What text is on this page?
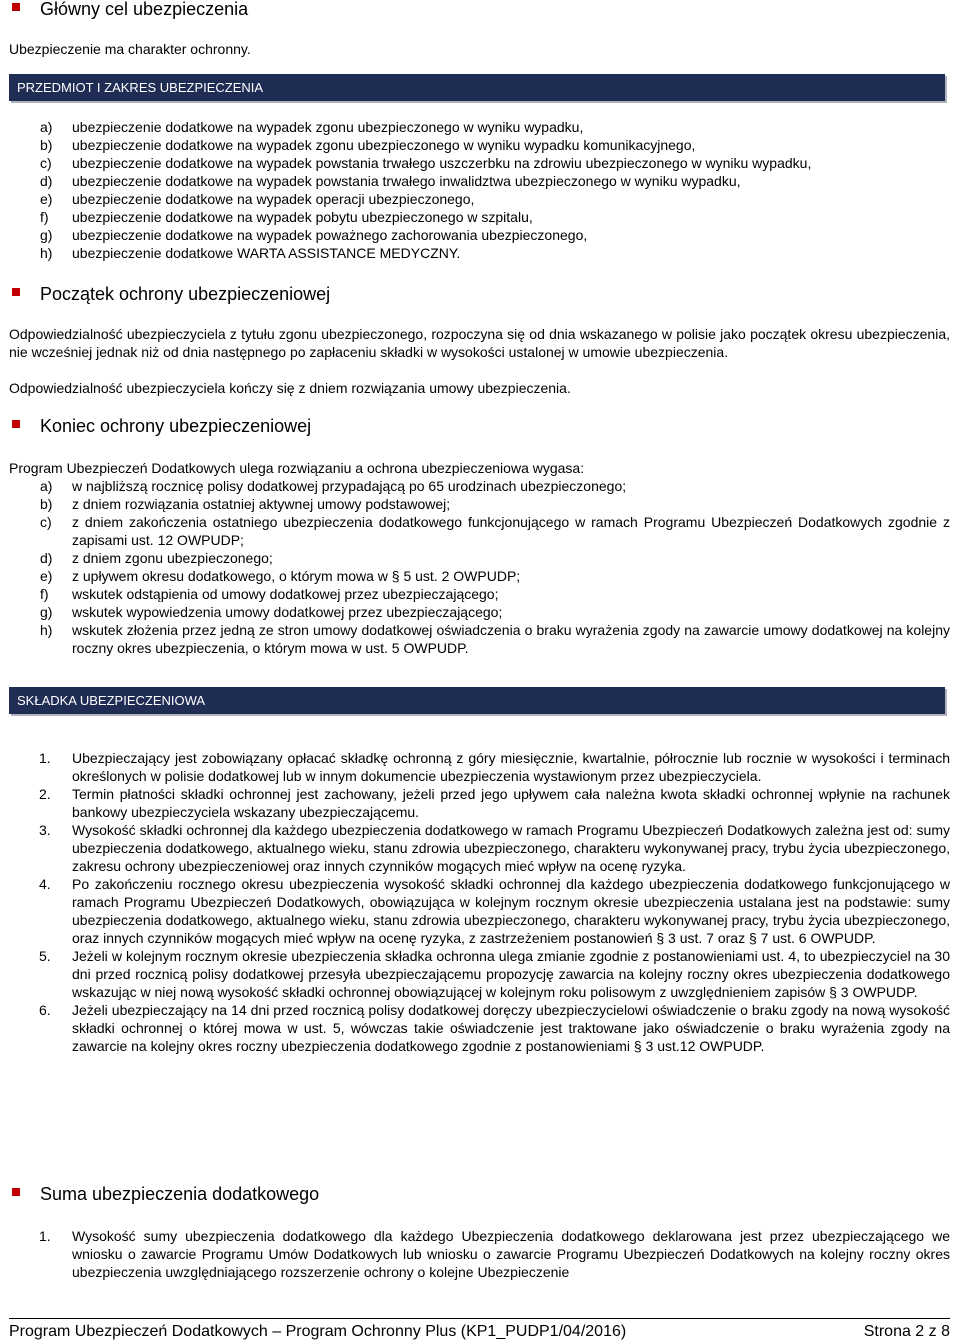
Główny cel ubezpieczenia

Ubezpieczenie ma charakter ochronny.

PRZEDMIOT I ZAKRES UBEZPIECZENIA
a) ubezpieczenie dodatkowe na wypadek zgonu ubezpieczonego w wyniku wypadku,
b) ubezpieczenie dodatkowe na wypadek zgonu ubezpieczonego w wyniku wypadku komunikacyjnego,
c) ubezpieczenie dodatkowe na wypadek powstania trwałego uszczerbku na zdrowiu ubezpieczonego w wyniku wypadku,
d) ubezpieczenie dodatkowe na wypadek powstania trwałego inwalidztwa ubezpieczonego w wyniku wypadku,
e) ubezpieczenie dodatkowe na wypadek operacji ubezpieczonego,
f) ubezpieczenie dodatkowe na wypadek pobytu ubezpieczonego w szpitalu,
g) ubezpieczenie dodatkowe na wypadek poważnego zachorowania ubezpieczonego,
h) ubezpieczenie dodatkowe WARTA ASSISTANCE MEDYCZNY.
Początek ochrony ubezpieczeniowej

Odpowiedzialność ubezpieczyciela z tytułu zgonu ubezpieczonego, rozpoczyna się od dnia wskazanego w polisie jako początek okresu ubezpieczenia, nie wcześniej jednak niż od dnia następnego po zapłaceniu składki w wysokości ustalonej w umowie ubezpieczenia.

Odpowiedzialność ubezpieczyciela kończy się z dniem rozwiązania umowy ubezpieczenia.

Koniec ochrony ubezpieczeniowej

Program Ubezpieczeń Dodatkowych ulega rozwiązaniu a ochrona ubezpieczeniowa wygasa:

a) w najbliższą rocznicę polisy dodatkowej przypadającą po 65 urodzinach ubezpieczonego;
b) z dniem rozwiązania ostatniej aktywnej umowy podstawowej;
c) z dniem zakończenia ostatniego ubezpieczenia dodatkowego funkcjonującego w ramach Programu Ubezpieczeń Dodatkowych zgodnie z zapisami ust. 12 OWPUDP;
d) z dniem zgonu ubezpieczonego;
e) z upływem okresu dodatkowego, o którym mowa w § 5 ust. 2 OWPUDP;
f) wskutek odstąpienia od umowy dodatkowej przez ubezpieczającego;
g) wskutek wypowiedzenia umowy dodatkowej przez ubezpieczającego;
h) wskutek złożenia przez jedną ze stron umowy dodatkowej oświadczenia o braku wyrażenia zgody na zawarcie umowy dodatkowej na kolejny roczny okres ubezpieczenia, o którym mowa w ust. 5 OWPUDP.
SKŁADKA UBEZPIECZENIOWA
1. Ubezpieczający jest zobowiązany opłacać składkę ochronną z góry miesięcznie, kwartalnie, półrocznie lub rocznie w wysokości i terminach określonych w polisie dodatkowej lub w innym dokumencie ubezpieczenia wystawionym przez ubezpieczyciela.
2. Termin płatności składki ochronnej jest zachowany, jeżeli przed jego upływem cała należna kwota składki ochronnej wpłynie na rachunek bankowy ubezpieczyciela wskazany ubezpieczającemu.
3. Wysokość składki ochronnej dla każdego ubezpieczenia dodatkowego w ramach Programu Ubezpieczeń Dodatkowych zależna jest od: sumy ubezpieczenia dodatkowego, aktualnego wieku, stanu zdrowia ubezpieczonego, charakteru wykonywanej pracy, trybu życia ubezpieczonego, zakresu ochrony ubezpieczeniowej oraz innych czynników mogących mieć wpływ na ocenę ryzyka.
4. Po zakończeniu rocznego okresu ubezpieczenia wysokość składki ochronnej dla każdego ubezpieczenia dodatkowego funkcjonującego w ramach Programu Ubezpieczeń Dodatkowych, obowiązująca w kolejnym rocznym okresie ubezpieczenia ustalana jest na podstawie: sumy ubezpieczenia dodatkowego, aktualnego wieku, stanu zdrowia ubezpieczonego, charakteru wykonywanej pracy, trybu życia ubezpieczonego, oraz innych czynników mogących mieć wpływ na ocenę ryzyka, z zastrzeżeniem postanowień § 3 ust. 7 oraz § 7 ust. 6 OWPUDP.
5. Jeżeli w kolejnym rocznym okresie ubezpieczenia składka ochronna ulega zmianie zgodnie z postanowieniami ust. 4, to ubezpieczyciel na 30 dni przed rocznicą polisy dodatkowej przesyła ubezpieczającemu propozycję zawarcia na kolejny roczny okres ubezpieczenia dodatkowego wskazując w niej nową wysokość składki ochronnej obowiązującej w kolejnym roku polisowym z uwzględnieniem zapisów § 3 OWPUDP.
6. Jeżeli ubezpieczający na 14 dni przed rocznicą polisy dodatkowej doręczy ubezpieczycielowi oświadczenie o braku zgody na nową wysokość składki ochronnej o której mowa w ust. 5, wówczas takie oświadczenie jest traktowane jako oświadczenie o braku wyrażenia zgody na zawarcie na kolejny okres roczny ubezpieczenia dodatkowego zgodnie z postanowieniami § 3 ust.12 OWPUDP.
Suma ubezpieczenia dodatkowego
1. Wysokość sumy ubezpieczenia dodatkowego dla każdego Ubezpieczenia dodatkowego deklarowana jest przez ubezpieczającego we wniosku o zawarcie Programu Umów Dodatkowych lub wniosku o zawarcie Programu Ubezpieczeń Dodatkowych na kolejny roczny okres ubezpieczenia uwzględniającego rozszerzenie ochrony o kolejne Ubezpieczenie
Program Ubezpieczeń Dodatkowych – Program Ochronny Plus (KP1_PUDP1/04/2016)	Strona 2 z 8
